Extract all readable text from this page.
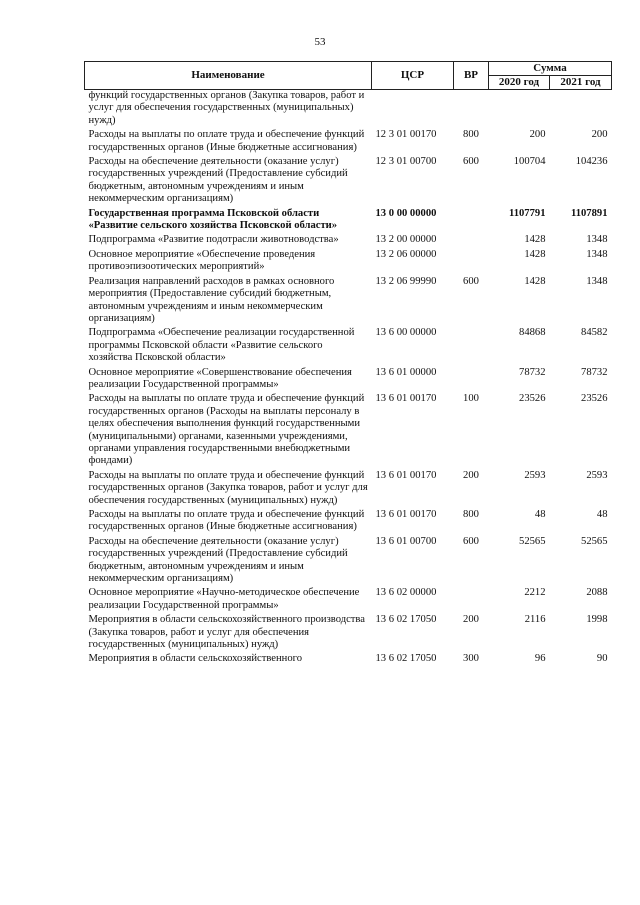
53
Наименование	ЦСР	ВР	Сумма	
			2020 год	2021 год
функций государственных органов (Закупка товаров, работ и услуг для обеспечения государственных (муниципальных) нужд)				
Расходы на выплаты по оплате труда и обеспечение функций государственных органов (Иные бюджетные ассигнования)	12 3 01 00170	800	200	200
Расходы на обеспечение деятельности (оказание услуг) государственных учреждений (Предоставление субсидий бюджетным, автономным учреждениям и иным некоммерческим организациям)	12 3 01 00700	600	100704	104236
Государственная программа Псковской области «Развитие сельского хозяйства Псковской области»	13 0 00 00000		1107791	1107891
Подпрограмма «Развитие подотрасли животноводства»	13 2 00 00000		1428	1348
Основное мероприятие «Обеспечение проведения противоэпизоотических мероприятий»	13 2 06 00000		1428	1348
Реализация направлений расходов в рамках основного мероприятия (Предоставление субсидий бюджетным, автономным учреждениям и иным некоммерческим организациям)	13 2 06 99990	600	1428	1348
Подпрограмма «Обеспечение реализации государственной программы Псковской области «Развитие сельского хозяйства Псковской области»	13 6 00 00000		84868	84582
Основное мероприятие «Совершенствование обеспечения реализации Государственной программы»	13 6 01 00000		78732	78732
Расходы на выплаты по оплате труда и обеспечение функций государственных органов (Расходы на выплаты персоналу в целях обеспечения выполнения функций государственными (муниципальными) органами, казенными учреждениями, органами управления государственными внебюджетными фондами)	13 6 01 00170	100	23526	23526
Расходы на выплаты по оплате труда и обеспечение функций государственных органов (Закупка товаров, работ и услуг для обеспечения государственных (муниципальных) нужд)	13 6 01 00170	200	2593	2593
Расходы на выплаты по оплате труда и обеспечение функций государственных органов (Иные бюджетные ассигнования)	13 6 01 00170	800	48	48
Расходы на обеспечение деятельности (оказание услуг) государственных учреждений (Предоставление субсидий бюджетным, автономным учреждениям и иным некоммерческим организациям)	13 6 01 00700	600	52565	52565
Основное мероприятие «Научно-методическое обеспечение реализации Государственной программы»	13 6 02 00000		2212	2088
Мероприятия в области сельскохозяйственного производства (Закупка товаров, работ и услуг для обеспечения государственных (муниципальных) нужд)	13 6 02 17050	200	2116	1998
Мероприятия в области сельскохозяйственного	13 6 02 17050	300	96	90
